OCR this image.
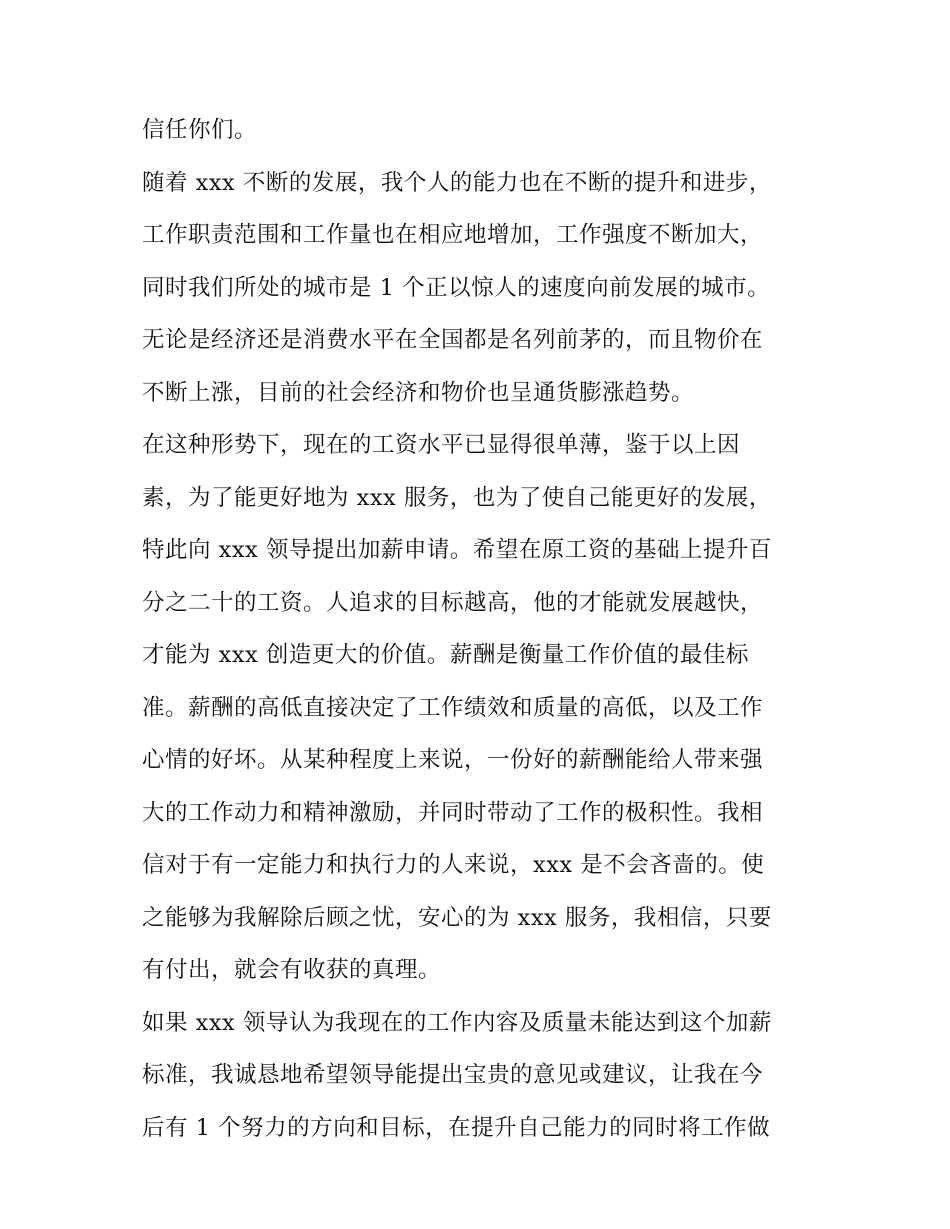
信任你们。
随着 xxx 不断的发展，我个人的能力也在不断的提升和进步，
工作职责范围和工作量也在相应地增加，工作强度不断加大，
同时我们所处的城市是 1 个正以惊人的速度向前发展的城市。
无论是经济还是消费水平在全国都是名列前茅的，而且物价在
不断上涨，目前的社会经济和物价也呈通货膨涨趋势。
在这种形势下，现在的工资水平已显得很单薄，鉴于以上因
素，为了能更好地为 xxx 服务，也为了使自己能更好的发展，
特此向 xxx 领导提出加薪申请。希望在原工资的基础上提升百
分之二十的工资。人追求的目标越高，他的才能就发展越快，
才能为 xxx 创造更大的价值。薪酬是衡量工作价值的最佳标
准。薪酬的高低直接决定了工作绩效和质量的高低，以及工作
心情的好坏。从某种程度上来说，一份好的薪酬能给人带来强
大的工作动力和精神激励，并同时带动了工作的极积性。我相
信对于有一定能力和执行力的人来说，xxx 是不会吝啬的。使
之能够为我解除后顾之忧，安心的为 xxx 服务，我相信，只要
有付出，就会有收获的真理。
如果 xxx 领导认为我现在的工作内容及质量未能达到这个加薪
标准，我诚恳地希望领导能提出宝贵的意见或建议，让我在今
后有 1 个努力的方向和目标，在提升自己能力的同时将工作做
